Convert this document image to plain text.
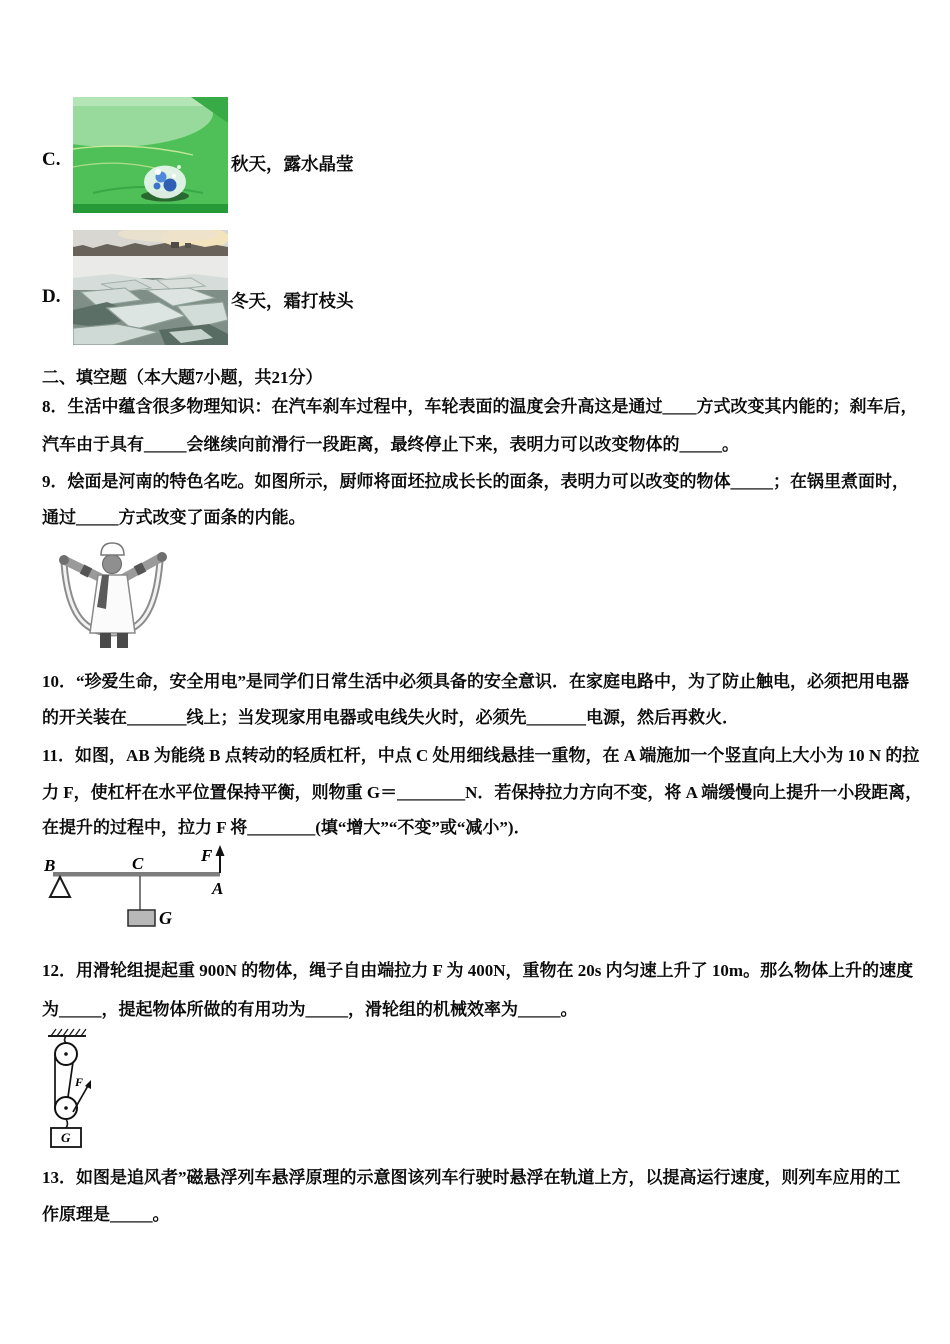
C.	秋天，露水晶莹
D.	冬天，霜打枝头
二、填空题（本大题7小题，共21分）
8．生活中蕴含很多物理知识：在汽车刹车过程中，车轮表面的温度会升高这是通过____方式改变其内能的；刹车后，
汽车由于具有_____会继续向前滑行一段距离，最终停止下来，表明力可以改变物体的_____。
9．烩面是河南的特色名吃。如图所示，厨师将面坯拉成长长的面条，表明力可以改变的物体_____；在锅里煮面时，
通过_____方式改变了面条的内能。
10．“珍爱生命，安全用电”是同学们日常生活中必须具备的安全意识．在家庭电路中，为了防止触电，必须把用电器
的开关装在_______线上；当发现家用电器或电线失火时，必须先_______电源，然后再救火．
11．如图，AB 为能绕 B 点转动的轻质杠杆，中点 C 处用细线悬挂一重物，在 A 端施加一个竖直向上大小为 10 N 的拉
力 F，使杠杆在水平位置保持平衡，则物重 G＝________N．若保持拉力方向不变，将 A 端缓慢向上提升一小段距离，
在提升的过程中，拉力 F 将________(填“增大”“不变”或“减小”)．
B	C	F
A
G
12．用滑轮组提起重 900N 的物体，绳子自由端拉力 F 为 400N，重物在 20s 内匀速上升了 10m。那么物体上升的速度
为_____，提起物体所做的有用功为_____，滑轮组的机械效率为_____。
F
G
13．如图是追风者”磁悬浮列车悬浮原理的示意图该列车行驶时悬浮在轨道上方，以提高运行速度，则列车应用的工
作原理是_____。
